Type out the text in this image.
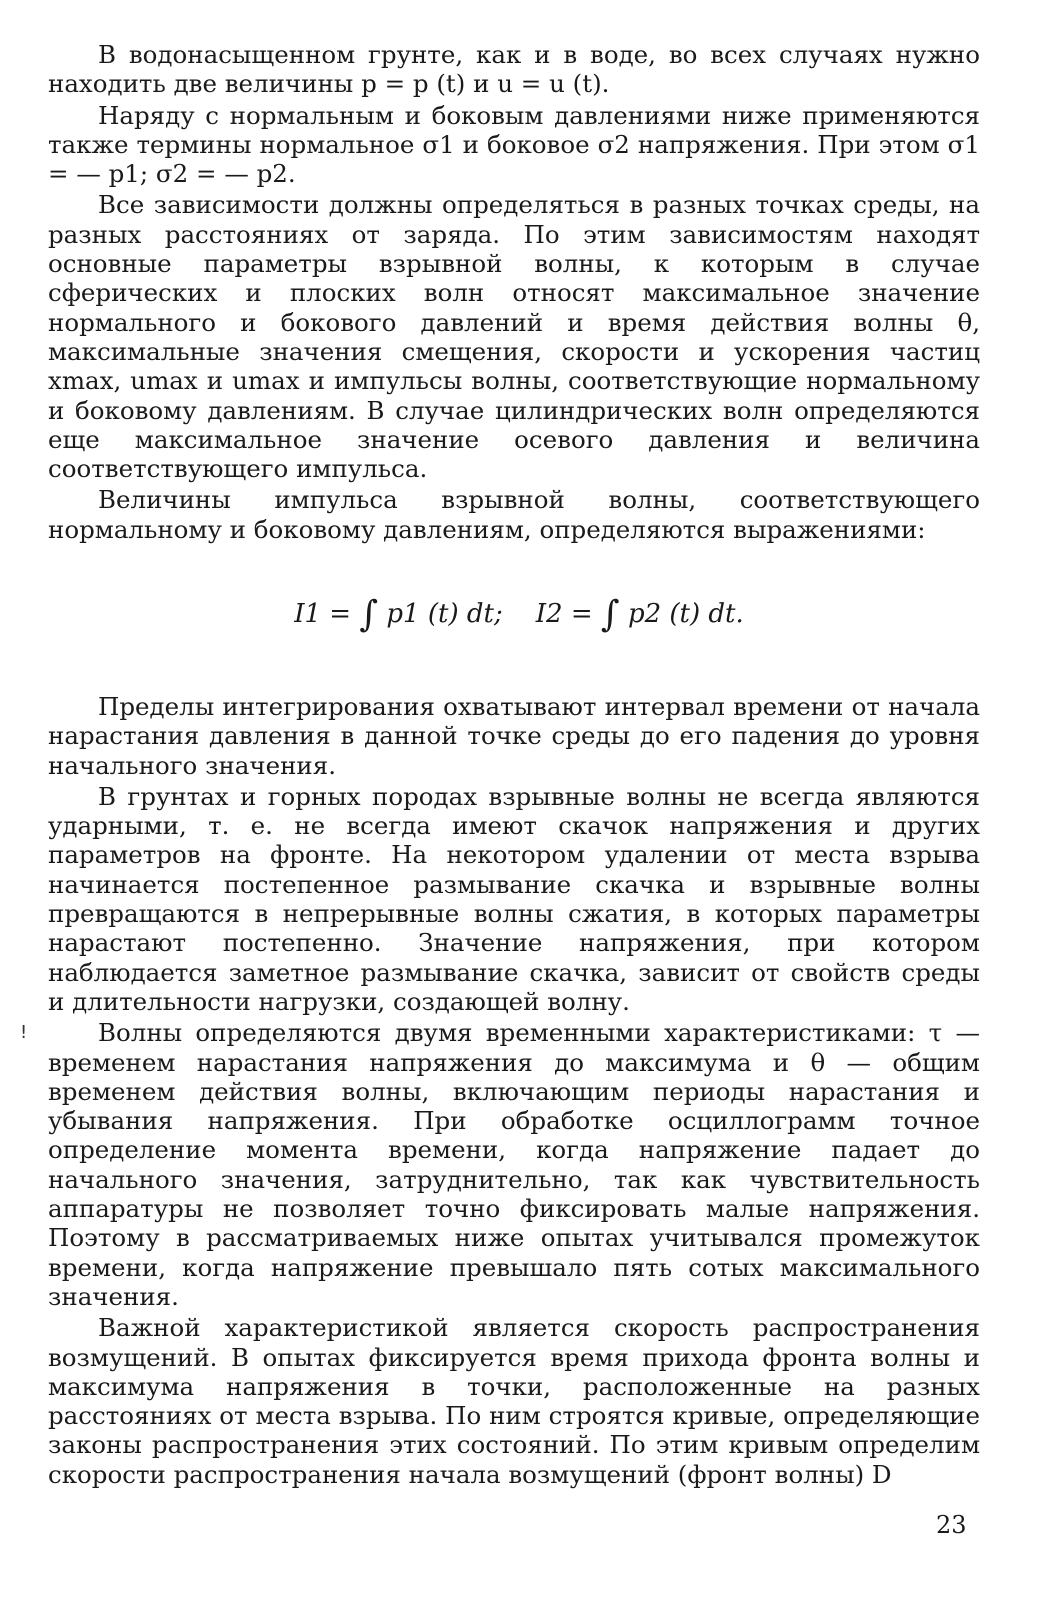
В водонасыщенном грунте, как и в воде, во всех случаях нужно находить две величины p = p (t) и u = u (t).

Наряду с нормальным и боковым давлениями ниже применяются также термины нормальное σ1 и боковое σ2 напряжения. При этом σ1 = — p1; σ2 = — p2.

Все зависимости должны определяться в разных точках среды, на разных расстояниях от заряда. По этим зависимостям находят основные параметры взрывной волны, к которым в случае сферических и плоских волн относят максимальное значение нормального и бокового давлений и время действия волны θ, максимальные значения смещения, скорости и ускорения частиц xmax, umax и umax и импульсы волны, соответствующие нормальному и боковому давлениям. В случае цилиндрических волн определяются еще максимальное значение осевого давления и величина соответствующего импульса.

Величины импульса взрывной волны, соответствующего нормальному и боковому давлениям, определяются выражениями:

I1 = ∫ p1 (t) dt; I2 = ∫ p2 (t) dt.

Пределы интегрирования охватывают интервал времени от начала нарастания давления в данной точке среды до его падения до уровня начального значения.

В грунтах и горных породах взрывные волны не всегда являются ударными, т. е. не всегда имеют скачок напряжения и других параметров на фронте. На некотором удалении от места взрыва начинается постепенное размывание скачка и взрывные волны превращаются в непрерывные волны сжатия, в которых параметры нарастают постепенно. Значение напряжения, при котором наблюдается заметное размывание скачка, зависит от свойств среды и длительности нагрузки, создающей волну.

Волны определяются двумя временными характеристиками: τ — временем нарастания напряжения до максимума и θ — общим временем действия волны, включающим периоды нарастания и убывания напряжения. При обработке осциллограмм точное определение момента времени, когда напряжение падает до начального значения, затруднительно, так как чувствительность аппаратуры не позволяет точно фиксировать малые напряжения. Поэтому в рассматриваемых ниже опытах учитывался промежуток времени, когда напряжение превышало пять сотых максимального значения.

Важной характеристикой является скорость распространения возмущений. В опытах фиксируется время прихода фронта волны и максимума напряжения в точки, расположенные на разных расстояниях от места взрыва. По ним строятся кривые, определяющие законы распространения этих состояний. По этим кривым определим скорости распространения начала возмущений (фронт волны) D

!
23
